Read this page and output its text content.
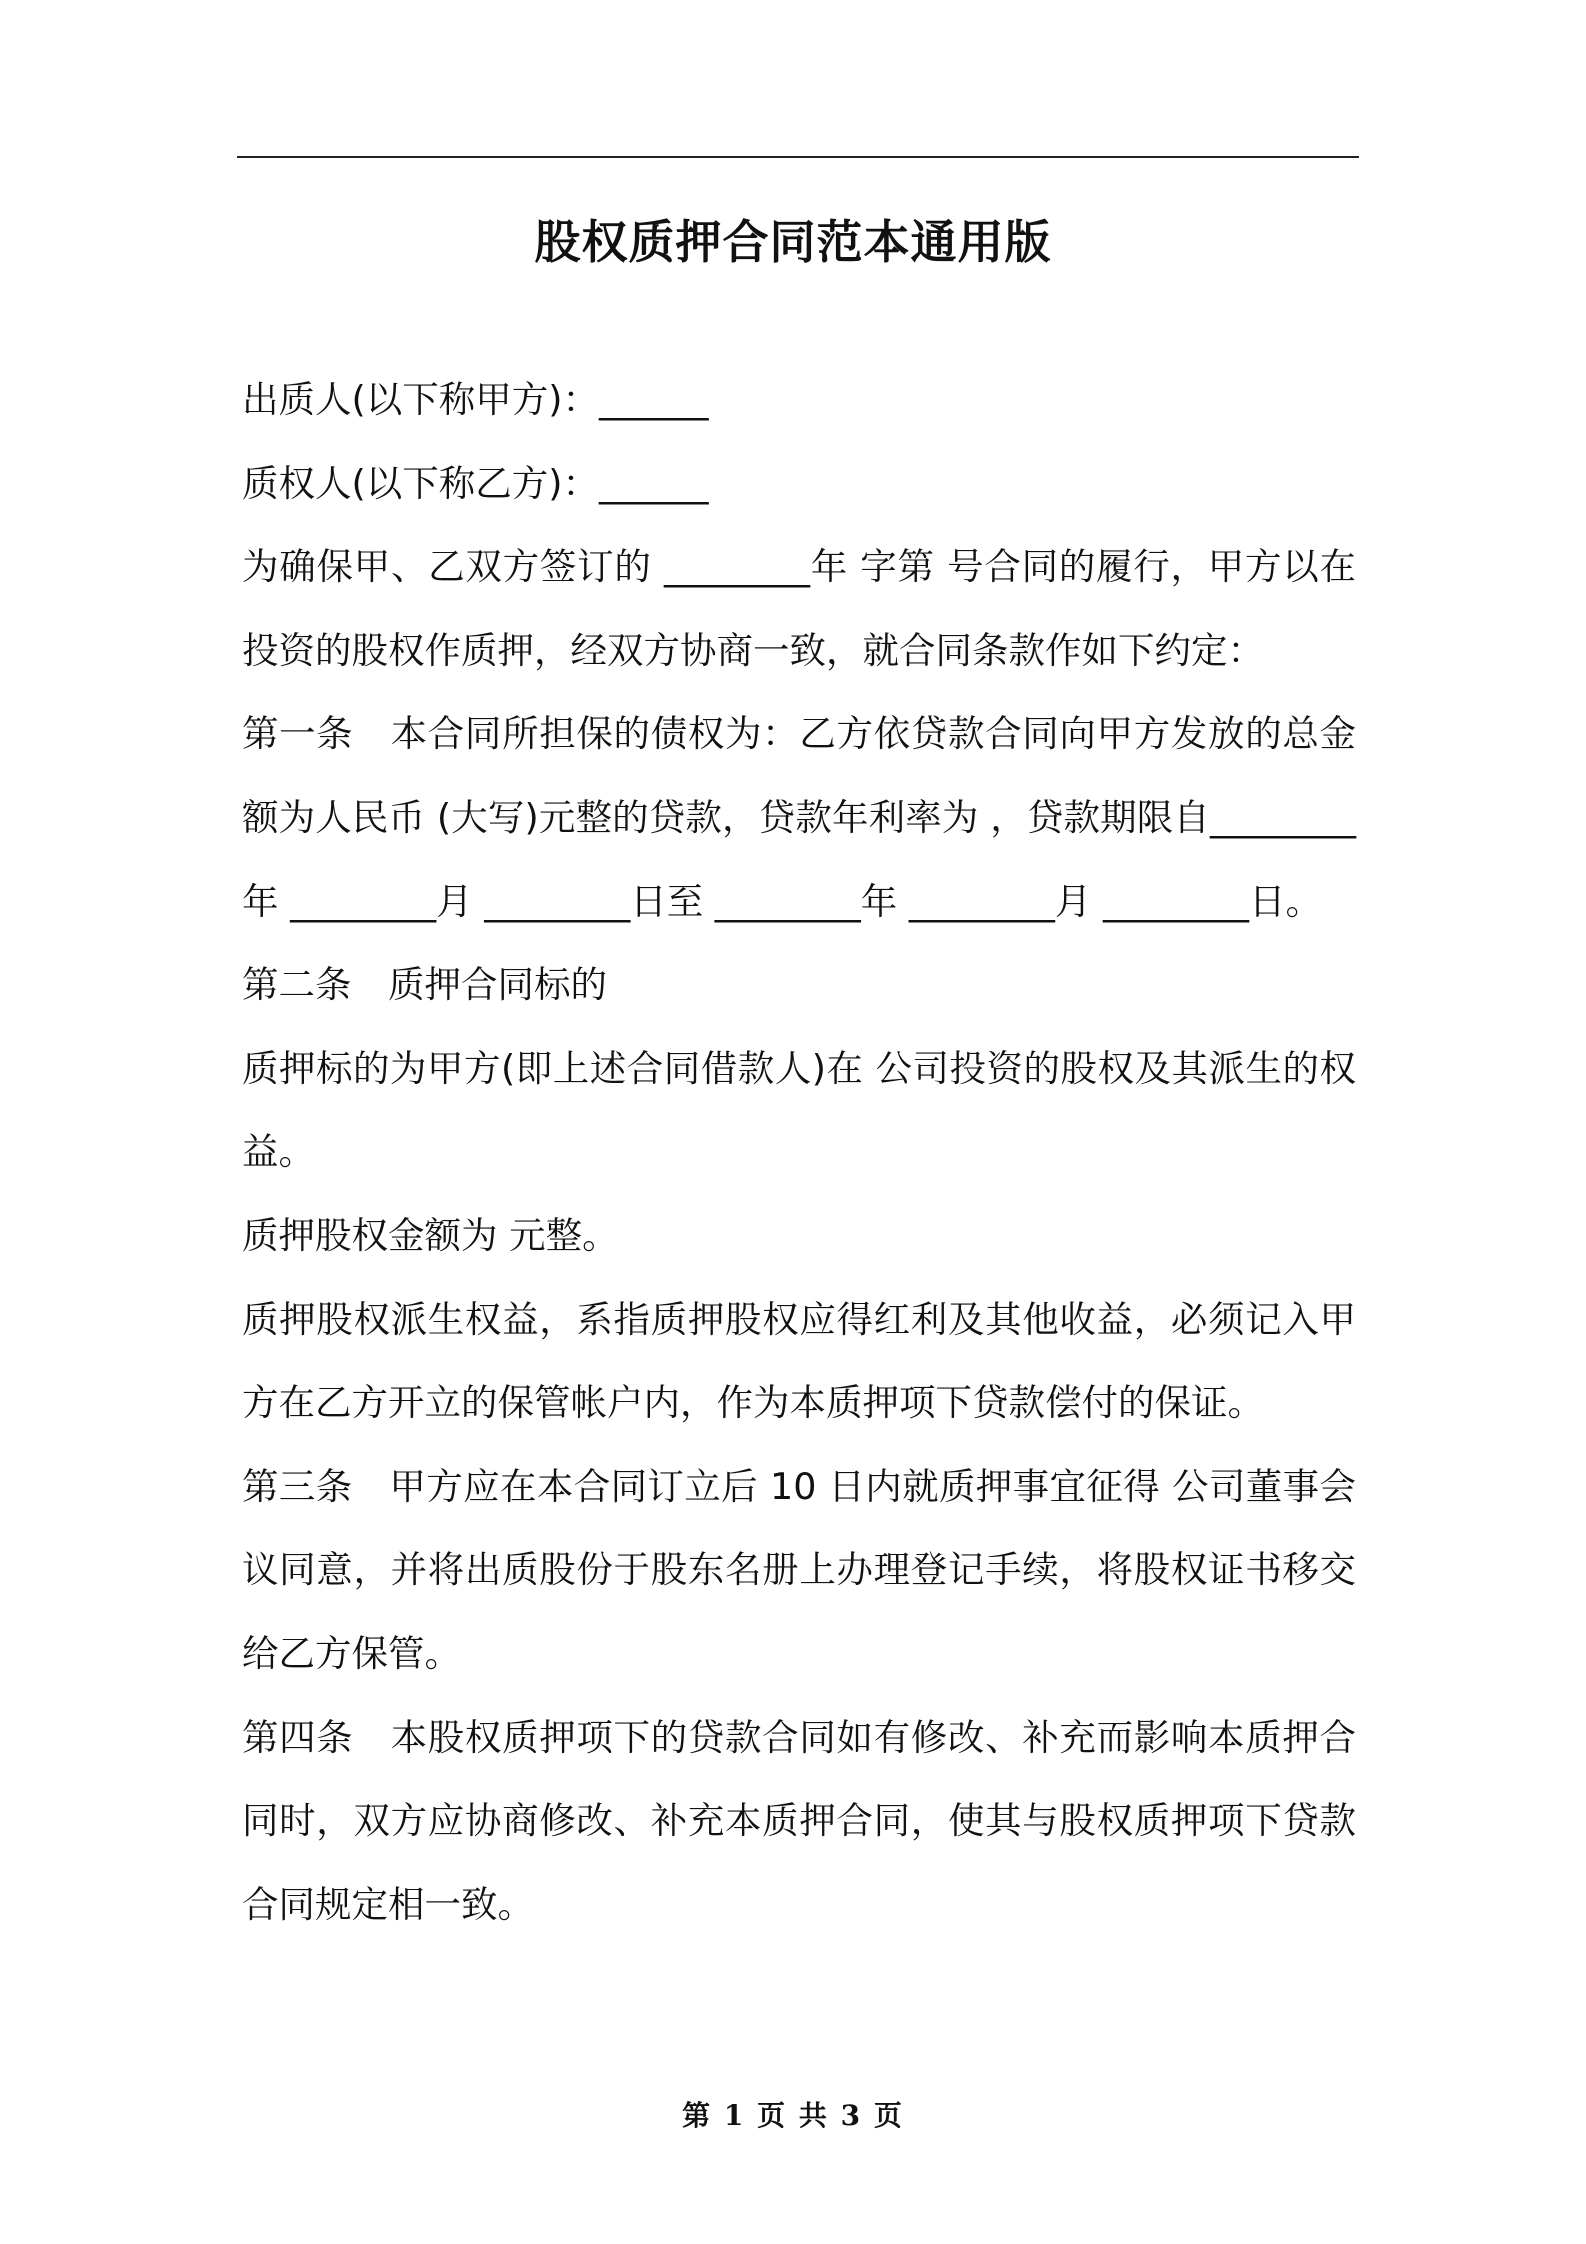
股权质押合同范本通用版

出质人(以下称甲方)：______

质权人(以下称乙方)：______

为确保甲、乙双方签订的 ________年 字第 号合同的履行，甲方以在 投资的股权作质押，经双方协商一致，就合同条款作如下约定：

第一条　本合同所担保的债权为：乙方依贷款合同向甲方发放的总金额为人民币 (大写)元整的贷款，贷款年利率为 ，贷款期限自________年 ________月 ________日至 ________年 ________月 ________日。

第二条　质押合同标的

质押标的为甲方(即上述合同借款人)在 公司投资的股权及其派生的权益。

质押股权金额为 元整。

质押股权派生权益，系指质押股权应得红利及其他收益，必须记入甲方在乙方开立的保管帐户内，作为本质押项下贷款偿付的保证。

第三条　甲方应在本合同订立后 10 日内就质押事宜征得 公司董事会议同意，并将出质股份于股东名册上办理登记手续，将股权证书移交给乙方保管。

第四条　本股权质押项下的贷款合同如有修改、补充而影响本质押合同时，双方应协商修改、补充本质押合同，使其与股权质押项下贷款合同规定相一致。

第 1 页 共 3 页
